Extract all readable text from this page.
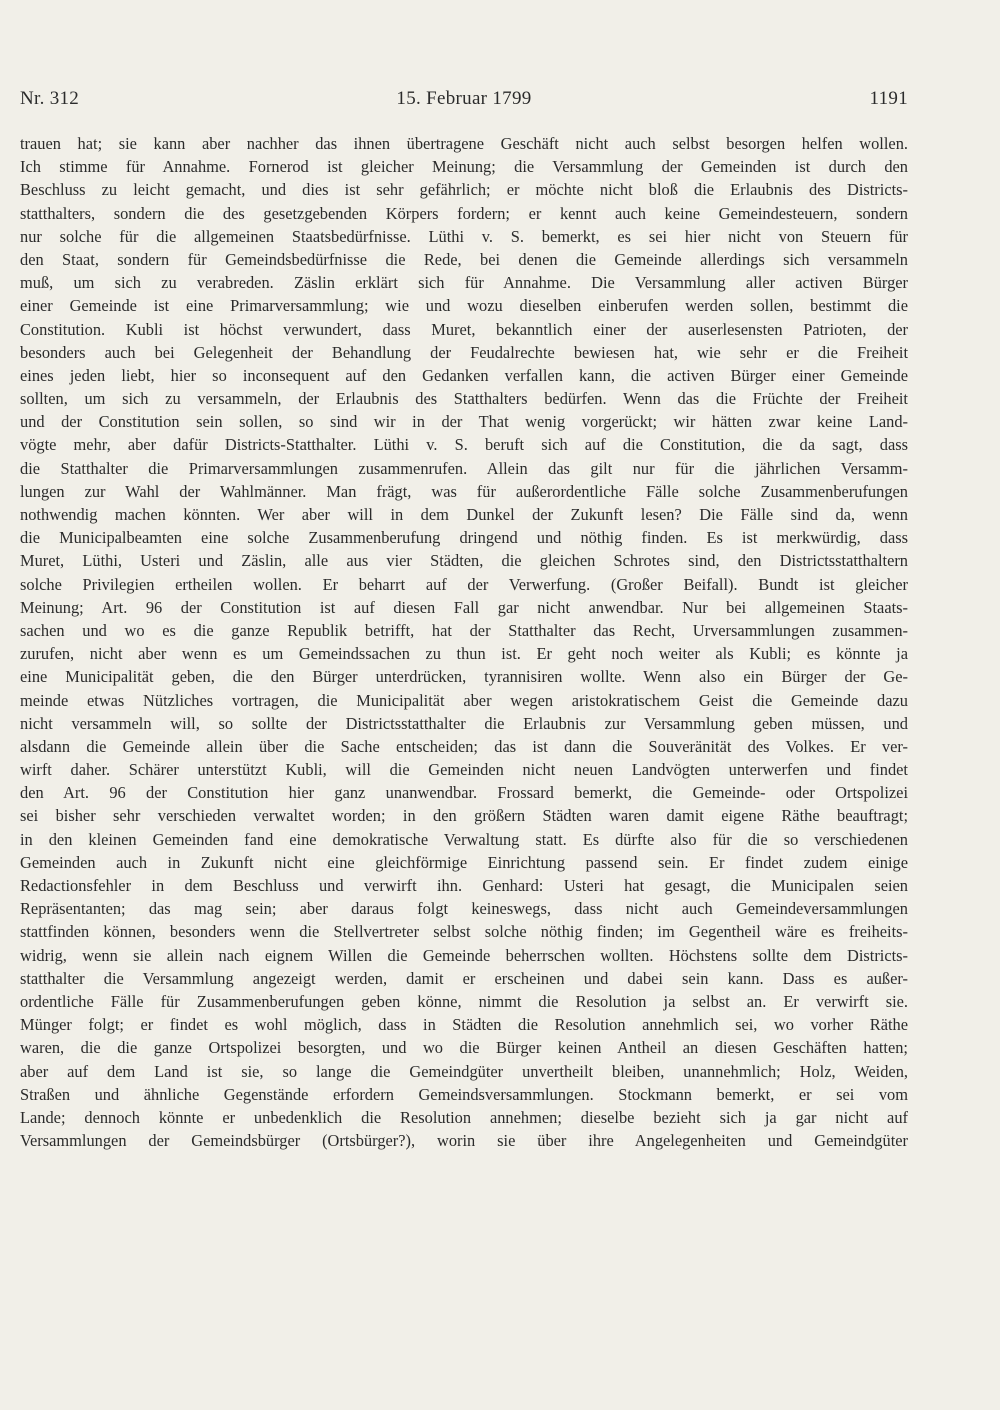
Nr. 312	15. Februar 1799	1191
trauen hat; sie kann aber nachher das ihnen übertragene Geschäft nicht auch selbst besorgen helfen wollen.
Ich stimme für Annahme. Fornerod ist gleicher Meinung; die Versammlung der Gemeinden ist durch den
Beschluss zu leicht gemacht, und dies ist sehr gefährlich; er möchte nicht bloß die Erlaubnis des Districts-
statthalters, sondern die des gesetzgebenden Körpers fordern; er kennt auch keine Gemeindesteuern, sondern
nur solche für die allgemeinen Staatsbedürfnisse. Lüthi v. S. bemerkt, es sei hier nicht von Steuern für
den Staat, sondern für Gemeindsbedürfnisse die Rede, bei denen die Gemeinde allerdings sich versammeln
muß, um sich zu verabreden. Zäslin erklärt sich für Annahme. Die Versammlung aller activen Bürger
einer Gemeinde ist eine Primarversammlung; wie und wozu dieselben einberufen werden sollen, bestimmt die
Constitution. Kubli ist höchst verwundert, dass Muret, bekanntlich einer der auserlesensten Patrioten, der
besonders auch bei Gelegenheit der Behandlung der Feudalrechte bewiesen hat, wie sehr er die Freiheit
eines jeden liebt, hier so inconsequent auf den Gedanken verfallen kann, die activen Bürger einer Gemeinde
sollten, um sich zu versammeln, der Erlaubnis des Statthalters bedürfen. Wenn das die Früchte der Freiheit
und der Constitution sein sollen, so sind wir in der That wenig vorgerückt; wir hätten zwar keine Land-
vögte mehr, aber dafür Districts-Statthalter. Lüthi v. S. beruft sich auf die Constitution, die da sagt, dass
die Statthalter die Primarversammlungen zusammenrufen. Allein das gilt nur für die jährlichen Versamm-
lungen zur Wahl der Wahlmänner. Man frägt, was für außerordentliche Fälle solche Zusammenberufungen
nothwendig machen könnten. Wer aber will in dem Dunkel der Zukunft lesen? Die Fälle sind da, wenn
die Municipalbeamten eine solche Zusammenberufung dringend und nöthig finden. Es ist merkwürdig, dass
Muret, Lüthi, Usteri und Zäslin, alle aus vier Städten, die gleichen Schrotes sind, den Districtsstatthaltern
solche Privilegien ertheilen wollen. Er beharrt auf der Verwerfung. (Großer Beifall). Bundt ist gleicher
Meinung; Art. 96 der Constitution ist auf diesen Fall gar nicht anwendbar. Nur bei allgemeinen Staats-
sachen und wo es die ganze Republik betrifft, hat der Statthalter das Recht, Urversammlungen zusammen-
zurufen, nicht aber wenn es um Gemeindssachen zu thun ist. Er geht noch weiter als Kubli; es könnte ja
eine Municipalität geben, die den Bürger unterdrücken, tyrannisiren wollte. Wenn also ein Bürger der Ge-
meinde etwas Nützliches vortragen, die Municipalität aber wegen aristokratischem Geist die Gemeinde dazu
nicht versammeln will, so sollte der Districtsstatthalter die Erlaubnis zur Versammlung geben müssen, und
alsdann die Gemeinde allein über die Sache entscheiden; das ist dann die Souveränität des Volkes. Er ver-
wirft daher. Schärer unterstützt Kubli, will die Gemeinden nicht neuen Landvögten unterwerfen und findet
den Art. 96 der Constitution hier ganz unanwendbar. Frossard bemerkt, die Gemeinde- oder Ortspolizei
sei bisher sehr verschieden verwaltet worden; in den größern Städten waren damit eigene Räthe beauftragt;
in den kleinen Gemeinden fand eine demokratische Verwaltung statt. Es dürfte also für die so verschiedenen
Gemeinden auch in Zukunft nicht eine gleichförmige Einrichtung passend sein. Er findet zudem einige
Redactionsfehler in dem Beschluss und verwirft ihn. Genhard: Usteri hat gesagt, die Municipalen seien
Repräsentanten; das mag sein; aber daraus folgt keineswegs, dass nicht auch Gemeindeversammlungen
stattfinden können, besonders wenn die Stellvertreter selbst solche nöthig finden; im Gegentheil wäre es freiheits-
widrig, wenn sie allein nach eignem Willen die Gemeinde beherrschen wollten. Höchstens sollte dem Districts-
statthalter die Versammlung angezeigt werden, damit er erscheinen und dabei sein kann. Dass es außer-
ordentliche Fälle für Zusammenberufungen geben könne, nimmt die Resolution ja selbst an. Er verwirft sie.
Münger folgt; er findet es wohl möglich, dass in Städten die Resolution annehmlich sei, wo vorher Räthe
waren, die die ganze Ortspolizei besorgten, und wo die Bürger keinen Antheil an diesen Geschäften hatten;
aber auf dem Land ist sie, so lange die Gemeindgüter unvertheilt bleiben, unannehmlich; Holz, Weiden,
Straßen und ähnliche Gegenstände erfordern Gemeindsversammlungen. Stockmann bemerkt, er sei vom
Lande; dennoch könnte er unbedenklich die Resolution annehmen; dieselbe bezieht sich ja gar nicht auf
Versammlungen der Gemeindsbürger (Ortsbürger?), worin sie über ihre Angelegenheiten und Gemeindgüter
